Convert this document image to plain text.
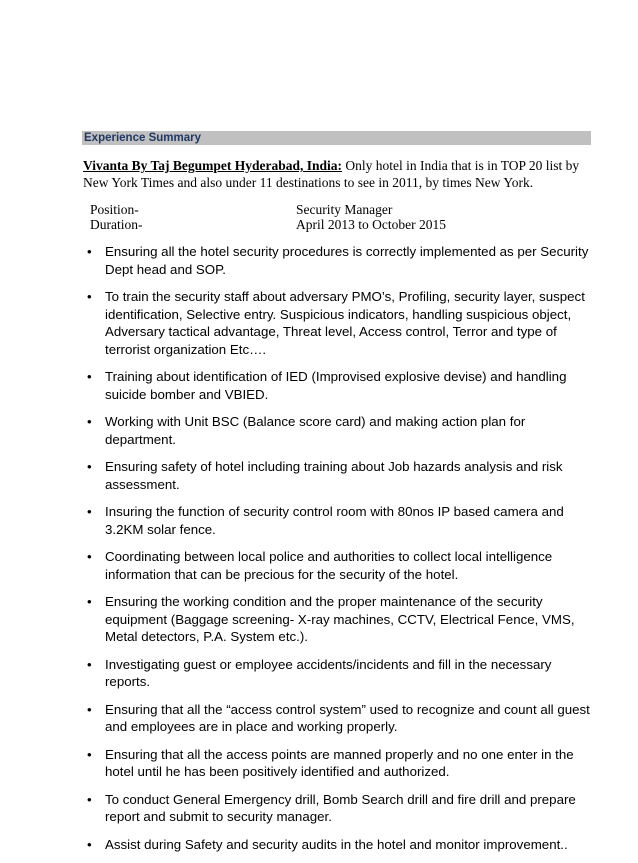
Experience Summary
Vivanta By Taj Begumpet Hyderabad, India: Only hotel in India that is in TOP 20 list by New York Times and also under 11 destinations to see in 2011, by times New York.
Position-	Security Manager
Duration-	April 2013 to October 2015
• Ensuring all the hotel security procedures is correctly implemented as per Security Dept head and SOP.
• To train the security staff about adversary PMO’s, Profiling, security layer, suspect identification, Selective entry. Suspicious indicators, handling suspicious object, Adversary tactical advantage, Threat level, Access control, Terror and type of terrorist organization Etc….
• Training about identification of IED (Improvised explosive devise) and handling suicide bomber and VBIED.
• Working with Unit BSC (Balance score card) and making action plan for department.
• Ensuring safety of hotel including training about Job hazards analysis and risk assessment.
• Insuring the function of security control room with 80nos IP based camera and 3.2KM solar fence.
• Coordinating between local police and authorities to collect local intelligence information that can be precious for the security of the hotel.
• Ensuring the working condition and the proper maintenance of the security equipment (Baggage screening- X-ray machines, CCTV, Electrical Fence, VMS, Metal detectors, P.A. System etc.).
• Investigating guest or employee accidents/incidents and fill in the necessary reports.
• Ensuring that all the “access control system” used to recognize and count all guest and employees are in place and working properly.
• Ensuring that all the access points are manned properly and no one enter in the hotel until he has been positively identified and authorized.
• To conduct General Emergency drill, Bomb Search drill and fire drill and prepare report and submit to security manager.
• Assist during Safety and security audits in the hotel and monitor improvement..
